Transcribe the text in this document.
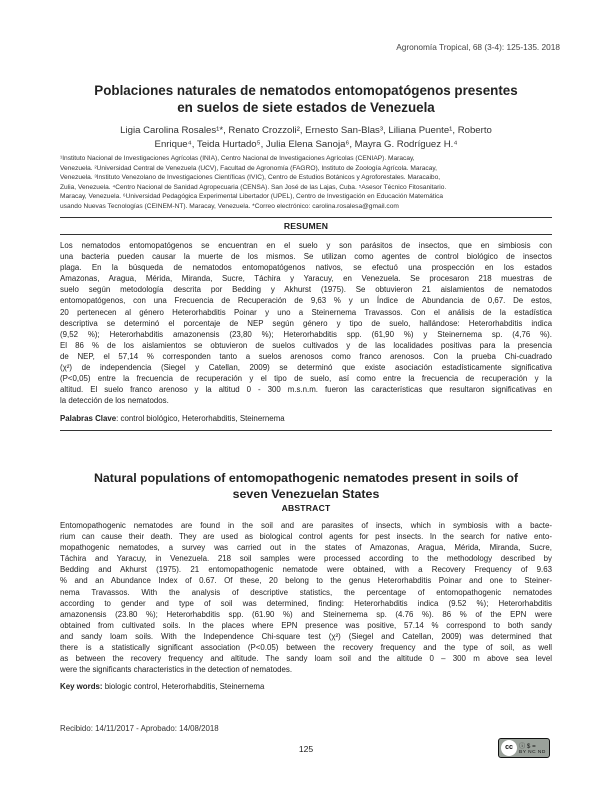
Agronomía Tropical, 68 (3-4): 125-135. 2018
Poblaciones naturales de nematodos entomopatógenos presentes
en suelos de siete estados de Venezuela
Ligia Carolina Rosales¹*, Renato Crozzoli², Ernesto San-Blas³, Liliana Puente¹, Roberto
Enrique⁴, Teida Hurtado⁵, Julia Elena Sanoja⁶, Mayra G. Rodríguez H.⁴
¹Instituto Nacional de Investigaciones Agrícolas (INIA), Centro Nacional de Investigaciones Agrícolas (CENIAP). Maracay,
Venezuela. ²Universidad Central de Venezuela (UCV), Facultad de Agronomía (FAGRO), Instituto de Zoología Agrícola. Maracay,
Venezuela. ³Instituto Venezolano de Investigaciones Científicas (IVIC), Centro de Estudios Botánicos y Agroforestales. Maracaibo,
Zulia, Venezuela. ⁴Centro Nacional de Sanidad Agropecuaria (CENSA). San José de las Lajas, Cuba. ⁵Asesor Técnico Fitosanitario.
Maracay, Venezuela. ⁶Universidad Pedagógica Experimental Libertador (UPEL), Centro de Investigación en Educación Matemática
usando Nuevas Tecnologías (CEINEM-NT). Maracay, Venezuela. *Correo electrónico: carolina.rosalesa@gmail.com
RESUMEN
Los nematodos entomopatógenos se encuentran en el suelo y son parásitos de insectos, que en simbiosis con
una bacteria pueden causar la muerte de los mismos. Se utilizan como agentes de control biológico de insectos
plaga. En la búsqueda de nematodos entomopatógenos nativos, se efectuó una prospección en los estados
Amazonas, Aragua, Mérida, Miranda, Sucre, Táchira y Yaracuy, en Venezuela. Se procesaron 218 muestras de
suelo según metodología descrita por Bedding y Akhurst (1975). Se obtuvieron 21 aislamientos de nematodos
entomopatógenos, con una Frecuencia de Recuperación de 9,63 % y un Índice de Abundancia de 0,67. De estos,
20 pertenecen al género Heterorhabditis Poinar y uno a Steinernema Travassos. Con el análisis de la estadística
descriptiva se determinó el porcentaje de NEP según género y tipo de suelo, hallándose: Heterorhabditis indica
(9,52 %); Heterorhabditis amazonensis (23,80 %); Heterorhabditis spp. (61,90 %) y Steinernema sp. (4,76 %).
El 86 % de los aislamientos se obtuvieron de suelos cultivados y de las localidades positivas para la presencia
de NEP, el 57,14 % corresponden tanto a suelos arenosos como franco arenosos. Con la prueba Chi-cuadrado
(χ²) de independencia (Siegel y Catellan, 2009) se determinó que existe asociación estadísticamente significativa
(P<0,05) entre la frecuencia de recuperación y el tipo de suelo, así como entre la frecuencia de recuperación y la
altitud. El suelo franco arenoso y la altitud 0 - 300 m.s.n.m. fueron las características que resultaron significativas en
la detección de los nematodos.
Palabras Clave: control biológico, Heterorhabditis, Steinernema
Natural populations of entomopathogenic nematodes present in soils of
seven Venezuelan States
ABSTRACT
Entomopathogenic nematodes are found in the soil and are parasites of insects, which in symbiosis with a bacte-
rium can cause their death. They are used as biological control agents for pest insects. In the search for native ento-
mopathogenic nematodes, a survey was carried out in the states of Amazonas, Aragua, Mérida, Miranda, Sucre,
Táchira and Yaracuy, in Venezuela. 218 soil samples were processed according to the methodology described by
Bedding and Akhurst (1975). 21 entomopathogenic nematode were obtained, with a Recovery Frequency of 9.63
% and an Abundance Index of 0.67. Of these, 20 belong to the genus Heterorhabditis Poinar and one to Steiner-
nema Travassos. With the analysis of descriptive statistics, the percentage of entomopathogenic nematodes
according to gender and type of soil was determined, finding: Heterorhabditis indica (9.52 %); Heterorhabditis
amazonensis (23.80 %); Heterorhabditis spp. (61.90 %) and Steinernema sp. (4.76 %). 86 % of the EPN were
obtained from cultivated soils. In the places where EPN presence was positive, 57.14 % correspond to both sandy
and sandy loam soils. With the Independence Chi-square test (χ²) (Siegel and Catellan, 2009) was determined that
there is a statistically significant association (P<0.05) between the recovery frequency and the type of soil, as well
as between the recovery frequency and altitude. The sandy loam soil and the altitude 0 – 300 m above sea level
were the significants characteristics in the detection of nematodes.
Key words: biologic control, Heterorhabditis, Steinernema
Recibido: 14/11/2017 - Aprobado: 14/08/2018
125	cc ⓘ $ =
BY NC ND
